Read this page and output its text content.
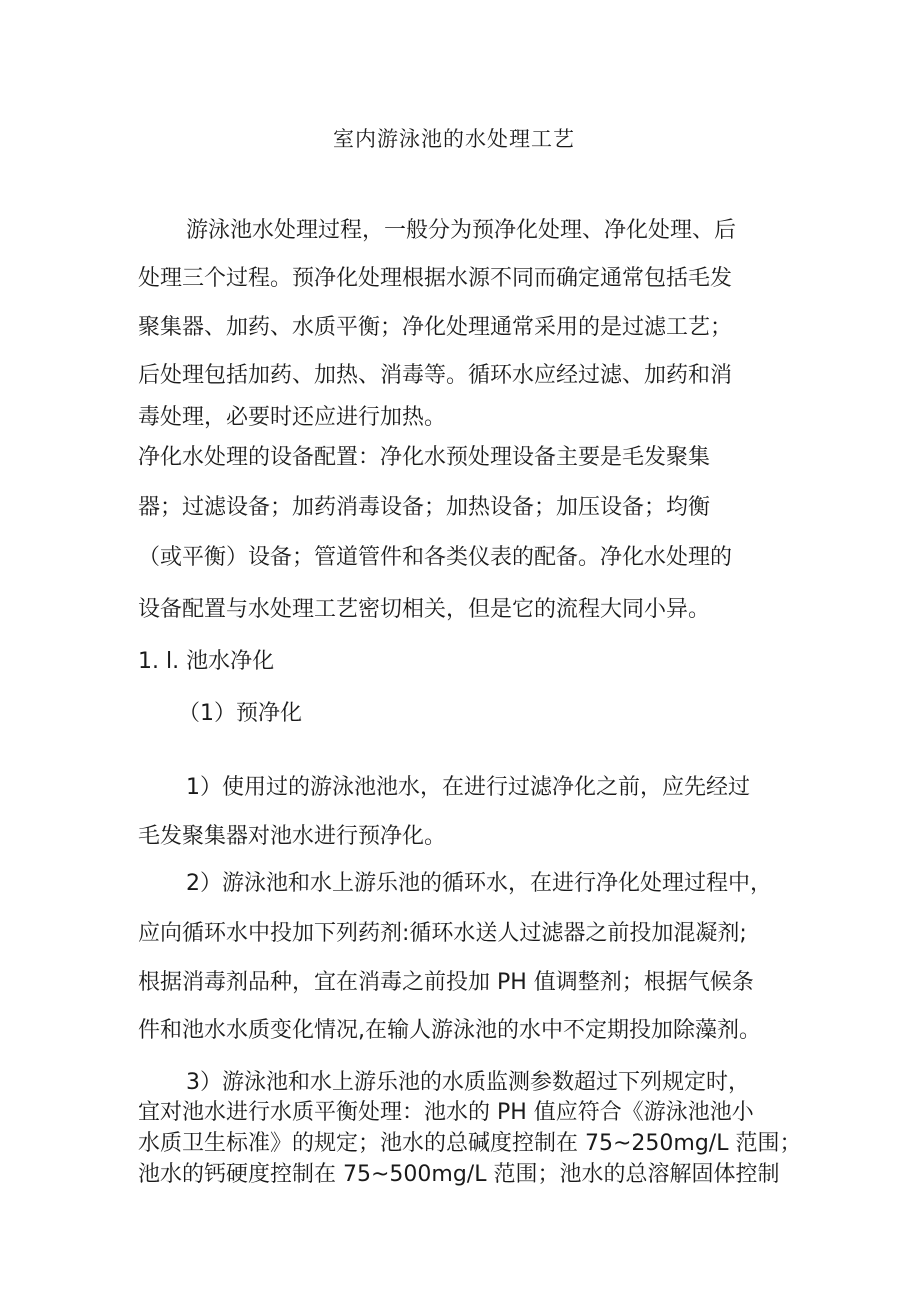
室内游泳池的水处理工艺
游泳池水处理过程，一般分为预净化处理、净化处理、后
处理三个过程。预净化处理根据水源不同而确定通常包括毛发
聚集器、加药、水质平衡；净化处理通常采用的是过滤工艺；
后处理包括加药、加热、消毒等。循环水应经过滤、加药和消
毒处理，必要时还应进行加热。
净化水处理的设备配置：净化水预处理设备主要是毛发聚集
器；过滤设备；加药消毒设备；加热设备；加压设备；均衡
（或平衡）设备；管道管件和各类仪表的配备。净化水处理的
设备配置与水处理工艺密切相关，但是它的流程大同小异。
1. l. 池水净化
（1）预净化
1）使用过的游泳池池水，在进行过滤净化之前，应先经过
毛发聚集器对池水进行预净化。
2）游泳池和水上游乐池的循环水，在进行净化处理过程中，
应向循环水中投加下列药剂:循环水送人过滤器之前投加混凝剂;
根据消毒剂品种，宜在消毒之前投加 PH 值调整剂；根据气候条
件和池水水质变化情况,在输人游泳池的水中不定期投加除藻剂。
3）游泳池和水上游乐池的水质监测参数超过下列规定时，
宜对池水进行水质平衡处理：池水的 PH 值应符合《游泳池池小
水质卫生标准》的规定；池水的总碱度控制在 75~250mg/L 范围；
池水的钙硬度控制在 75~500mg/L 范围；池水的总溶解固体控制
